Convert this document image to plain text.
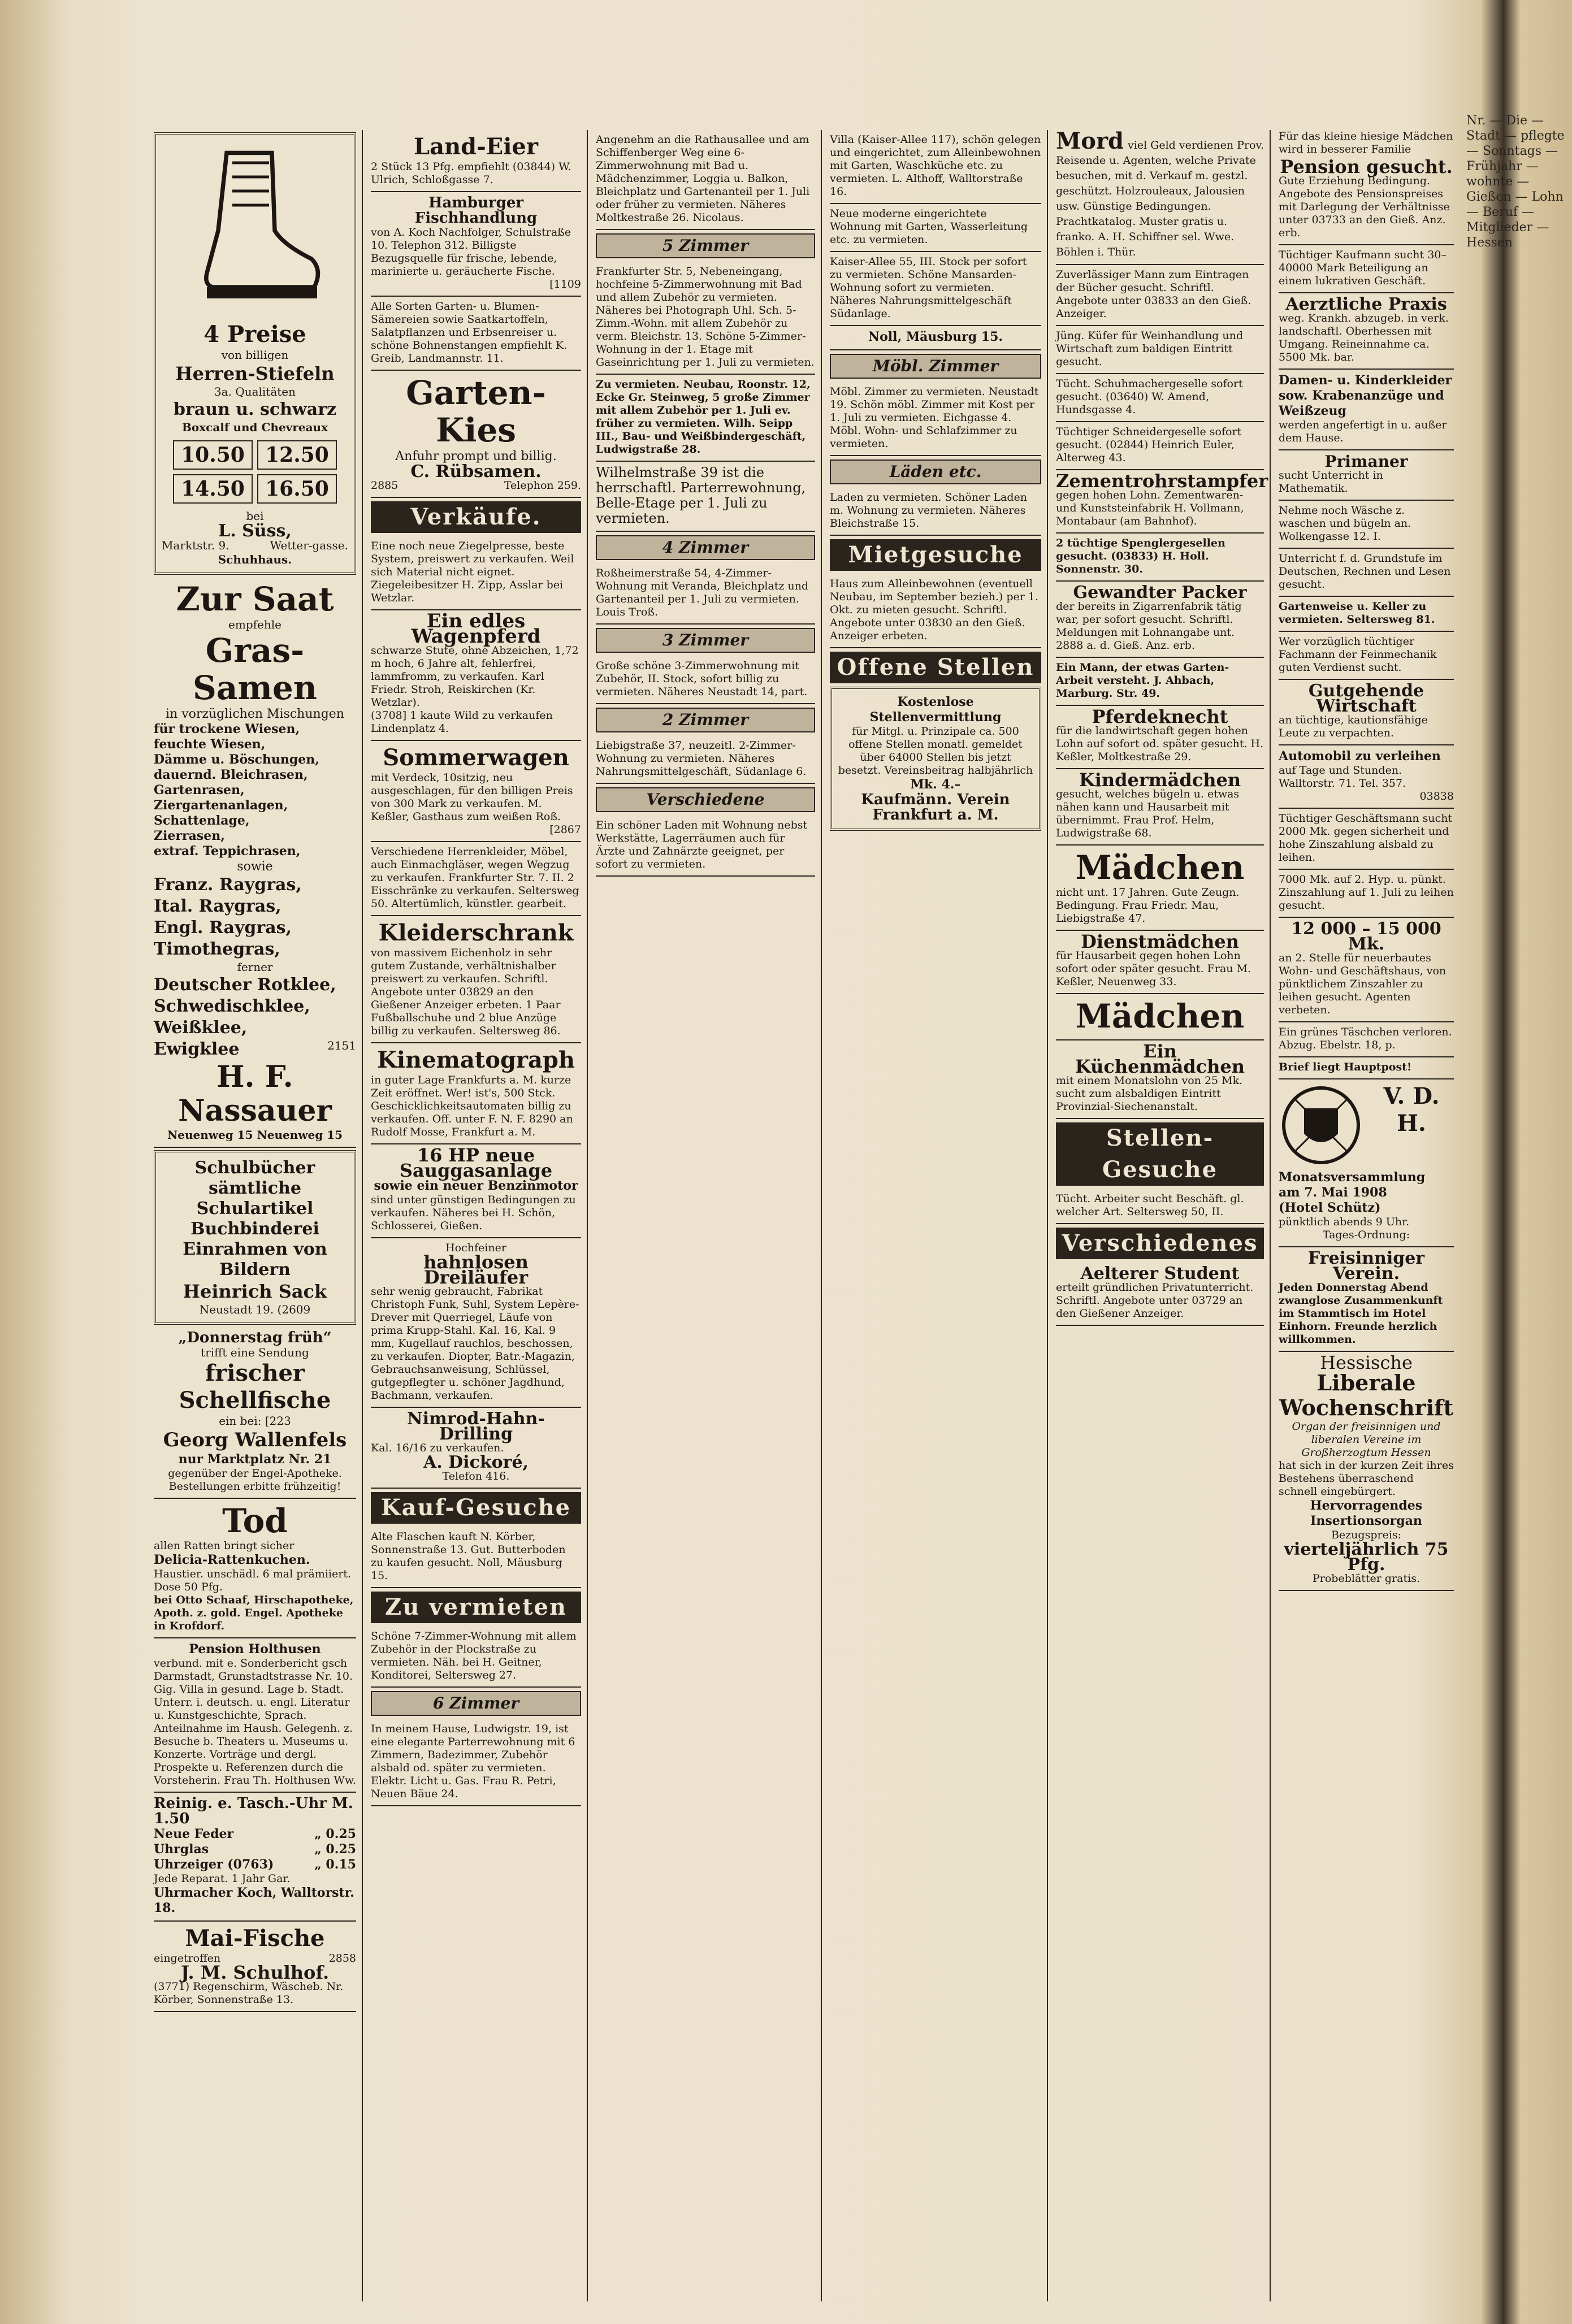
4 Preise
von billigen
Herren-Stiefeln
3a. Qualitäten
braun u. schwarz
Boxcalf und Chevreaux
10.50	12.50
14.50	16.50
bei
L. Süss,
Marktstr. 9.	Wetter-gasse.
Schuhhaus.
Zur Saat
empfehle
Gras-Samen
in vorzüglichen Mischungen
für trockene Wiesen,
feuchte Wiesen,
Dämme u. Böschungen,
dauernd. Bleichrasen,
Gartenrasen,
Ziergartenanlagen,
Schattenlage,
Zierrasen,
extraf. Teppichrasen,
sowie
Franz. Raygras,
Ital. Raygras,
Engl. Raygras,
Timothegras,
ferner
Deutscher Rotklee,
Schwedischklee,
Weißklee,
Ewigklee	2151
H. F. Nassauer
Neuenweg 15 Neuenweg 15
Schulbücher
sämtliche Schulartikel
Buchbinderei
Einrahmen von Bildern
Heinrich Sack
Neustadt 19. (2609
„Donnerstag früh“
trifft eine Sendung
frischer Schellfische
ein bei: [223
Georg Wallenfels
nur Marktplatz Nr. 21
gegenüber der Engel-Apotheke. Bestellungen erbitte frühzeitig!
Tod
allen Ratten bringt sicher
Delicia-Rattenkuchen.
Haustier. unschädl. 6 mal prämiiert. Dose 50 Pfg.
bei Otto Schaaf, Hirschapotheke, Apoth. z. gold. Engel. Apotheke in Krofdorf.
Pension Holthusen
verbund. mit e. Sonderbericht gsch Darmstadt, Grunstadtstrasse Nr. 10. Gig. Villa in gesund. Lage b. Stadt. Unterr. i. deutsch. u. engl. Literatur u. Kunstgeschichte, Sprach. Anteilnahme im Haush. Gelegenh. z. Besuche b. Theaters u. Museums u. Konzerte. Vorträge und dergl. Prospekte u. Referenzen durch die Vorsteherin. Frau Th. Holthusen Ww.
Reinig. e. Tasch.-Uhr M. 1.50
Neue Feder	„ 0.25
Uhrglas	„ 0.25
Uhrzeiger (0763)	„ 0.15
Jede Reparat. 1 Jahr Gar.
Uhrmacher Koch, Walltorstr. 18.
Mai-Fische
eingetroffen	2858
J. M. Schulhof.
(3771) Regenschirm, Wäscheb. Nr. Körber, Sonnenstraße 13.
Land-Eier
2 Stück 13 Pfg. empfiehlt (03844) W. Ulrich, Schloßgasse 7.
Hamburger Fischhandlung
von A. Koch Nachfolger, Schulstraße 10. Telephon 312. Billigste Bezugsquelle für frische, lebende, marinierte u. geräucherte Fische.
[1109
Alle Sorten Garten- u. Blumen-Sämereien sowie Saatkartoffeln, Salatpflanzen und Erbsenreiser u. schöne Bohnenstangen empfiehlt K. Greib, Landmannstr. 11.
Garten-Kies
Anfuhr prompt und billig.
C. Rübsamen.
2885	Telephon 259.
Verkäufe.
Eine noch neue Ziegelpresse, beste System, preiswert zu verkaufen. Weil sich Material nicht eignet. Ziegeleibesitzer H. Zipp, Asslar bei Wetzlar.
Ein edles Wagenpferd
schwarze Stute, ohne Abzeichen, 1,72 m hoch, 6 Jahre alt, fehlerfrei, lammfromm, zu verkaufen. Karl Friedr. Stroh, Reiskirchen (Kr. Wetzlar).
(3708] 1 kaute Wild zu verkaufen Lindenplatz 4.
Sommerwagen
mit Verdeck, 10sitzig, neu ausgeschlagen, für den billigen Preis von 300 Mark zu verkaufen. M. Keßler, Gasthaus zum weißen Roß.
[2867
Verschiedene Herrenkleider, Möbel, auch Einmachgläser, wegen Wegzug zu verkaufen. Frankfurter Str. 7. II. 2 Eisschränke zu verkaufen. Seltersweg 50. Altertümlich, künstler. gearbeit.
Kleiderschrank
von massivem Eichenholz in sehr gutem Zustande, verhältnishalber preiswert zu verkaufen. Schriftl. Angebote unter 03829 an den Gießener Anzeiger erbeten. 1 Paar Fußballschuhe und 2 blue Anzüge billig zu verkaufen. Seltersweg 86.
Kinematograph
in guter Lage Frankfurts a. M. kurze Zeit eröffnet. Wer! ist's, 500 Stck. Geschicklichkeitsautomaten billig zu verkaufen. Off. unter F. N. F. 8290 an Rudolf Mosse, Frankfurt a. M.
16 HP neue Sauggasanlage
sowie ein neuer Benzinmotor
sind unter günstigen Bedingungen zu verkaufen. Näheres bei H. Schön, Schlosserei, Gießen.
Hochfeiner
hahnlosen Dreiläufer
sehr wenig gebraucht, Fabrikat Christoph Funk, Suhl, System Lepère-Drever mit Querriegel, Läufe von prima Krupp-Stahl. Kal. 16, Kal. 9 mm, Kugellauf rauchlos, beschossen, zu verkaufen. Diopter, Batr.-Magazin, Gebrauchsanweisung, Schlüssel, gutgepflegter u. schöner Jagdhund, Bachmann, verkaufen.
Nimrod-Hahn-Drilling
Kal. 16/16 zu verkaufen.
A. Dickoré,
Telefon 416.
Kauf-Gesuche
Alte Flaschen kauft N. Körber, Sonnenstraße 13. Gut. Butterboden zu kaufen gesucht. Noll, Mäusburg 15.
Zu vermieten
Schöne 7-Zimmer-Wohnung mit allem Zubehör in der Plockstraße zu vermieten. Näh. bei H. Geitner, Konditorei, Seltersweg 27.
6 Zimmer
In meinem Hause, Ludwigstr. 19, ist eine elegante Parterrewohnung mit 6 Zimmern, Badezimmer, Zubehör alsbald od. später zu vermieten. Elektr. Licht u. Gas. Frau R. Petri, Neuen Bäue 24.
Angenehm an die Rathausallee und am Schiffenberger Weg eine 6-Zimmerwohnung mit Bad u. Mädchenzimmer, Loggia u. Balkon, Bleichplatz und Gartenanteil per 1. Juli oder früher zu vermieten. Näheres Moltkestraße 26. Nicolaus.
5 Zimmer
Frankfurter Str. 5, Nebeneingang, hochfeine 5-Zimmerwohnung mit Bad und allem Zubehör zu vermieten. Näheres bei Photograph Uhl. Sch. 5-Zimm.-Wohn. mit allem Zubehör zu verm. Bleichstr. 13. Schöne 5-Zimmer-Wohnung in der 1. Etage mit Gaseinrichtung per 1. Juli zu vermieten.
Zu vermieten. Neubau, Roonstr. 12, Ecke Gr. Steinweg, 5 große Zimmer mit allem Zubehör per 1. Juli ev. früher zu vermieten. Wilh. Seipp III., Bau- und Weißbindergeschäft, Ludwigstraße 28.
Wilhelmstraße 39 ist die herrschaftl. Parterrewohnung, Belle-Etage per 1. Juli zu vermieten.
4 Zimmer
Roßheimerstraße 54, 4-Zimmer-Wohnung mit Veranda, Bleichplatz und Gartenanteil per 1. Juli zu vermieten. Louis Troß.
3 Zimmer
Große schöne 3-Zimmerwohnung mit Zubehör, II. Stock, sofort billig zu vermieten. Näheres Neustadt 14, part.
2 Zimmer
Liebigstraße 37, neuzeitl. 2-Zimmer-Wohnung zu vermieten. Näheres Nahrungsmittelgeschäft, Südanlage 6.
Verschiedene
Ein schöner Laden mit Wohnung nebst Werkstätte, Lagerräumen auch für Ärzte und Zahnärzte geeignet, per sofort zu vermieten.
Villa (Kaiser-Allee 117), schön gelegen und eingerichtet, zum Alleinbewohnen mit Garten, Waschküche etc. zu vermieten. L. Althoff, Walltorstraße 16.
Neue moderne eingerichtete Wohnung mit Garten, Wasserleitung etc. zu vermieten.
Kaiser-Allee 55, III. Stock per sofort zu vermieten. Schöne Mansarden-Wohnung sofort zu vermieten. Näheres Nahrungsmittelgeschäft Südanlage.
Noll, Mäusburg 15.
Möbl. Zimmer
Möbl. Zimmer zu vermieten. Neustadt 19. Schön möbl. Zimmer mit Kost per 1. Juli zu vermieten. Eichgasse 4. Möbl. Wohn- und Schlafzimmer zu vermieten.
Läden etc.
Laden zu vermieten. Schöner Laden m. Wohnung zu vermieten. Näheres Bleichstraße 15.
Mietgesuche
Haus zum Alleinbewohnen (eventuell Neubau, im September bezieh.) per 1. Okt. zu mieten gesucht. Schriftl. Angebote unter 03830 an den Gieß. Anzeiger erbeten.
Offene Stellen
Kostenlose Stellenvermittlung
für Mitgl. u. Prinzipale ca. 500 offene Stellen monatl. gemeldet über 64000 Stellen bis jetzt besetzt. Vereinsbeitrag halbjährlich
Mk. 4.–
Kaufmänn. Verein
Frankfurt a. M.
Mord viel Geld verdienen Prov. Reisende u. Agenten, welche Private besuchen, mit d. Verkauf m. gestzl. geschützt. Holzrouleaux, Jalousien usw. Günstige Bedingungen. Prachtkatalog. Muster gratis u. franko. A. H. Schiffner sel. Wwe. Böhlen i. Thür.
Zuverlässiger Mann zum Eintragen der Bücher gesucht. Schriftl. Angebote unter 03833 an den Gieß. Anzeiger.
Jüng. Küfer für Weinhandlung und Wirtschaft zum baldigen Eintritt gesucht.
Tücht. Schuhmachergeselle sofort gesucht. (03640) W. Amend, Hundsgasse 4.
Tüchtiger Schneidergeselle sofort gesucht. (02844) Heinrich Euler, Alterweg 43.
Zementrohrstampfer
gegen hohen Lohn. Zementwaren- und Kunststeinfabrik H. Vollmann, Montabaur (am Bahnhof).
2 tüchtige Spenglergesellen gesucht. (03833) H. Holl. Sonnenstr. 30.
Gewandter Packer
der bereits in Zigarrenfabrik tätig war, per sofort gesucht. Schriftl. Meldungen mit Lohnangabe unt. 2888 a. d. Gieß. Anz. erb.
Ein Mann, der etwas Garten-Arbeit versteht. J. Ahbach, Marburg. Str. 49.
Pferdeknecht
für die landwirtschaft gegen hohen Lohn auf sofort od. später gesucht. H. Keßler, Moltkestraße 29.
Kindermädchen
gesucht, welches bügeln u. etwas nähen kann und Hausarbeit mit übernimmt. Frau Prof. Helm, Ludwigstraße 68.
Mädchen
nicht unt. 17 Jahren. Gute Zeugn. Bedingung. Frau Friedr. Mau, Liebigstraße 47.
Dienstmädchen
für Hausarbeit gegen hohen Lohn sofort oder später gesucht. Frau M. Keßler, Neuenweg 33.
Mädchen
Ein Küchenmädchen
mit einem Monatslohn von 25 Mk. sucht zum alsbaldigen Eintritt Provinzial-Siechenanstalt.
Stellen-Gesuche
Tücht. Arbeiter sucht Beschäft. gl. welcher Art. Seltersweg 50, II.
Verschiedenes
Aelterer Student
erteilt gründlichen Privatunterricht. Schriftl. Angebote unter 03729 an den Gießener Anzeiger.
Für das kleine hiesige Mädchen wird in besserer Familie
Pension gesucht.
Gute Erziehung Bedingung. Angebote des Pensionspreises mit Darlegung der Verhältnisse unter 03733 an den Gieß. Anz. erb.
Tüchtiger Kaufmann sucht 30–40000 Mark Beteiligung an einem lukrativen Geschäft.
Aerztliche Praxis
weg. Krankh. abzugeb. in verk. landschaftl. Oberhessen mit Umgang. Reineinnahme ca. 5500 Mk. bar.
Damen- u. Kinderkleider sow. Krabenanzüge und Weißzeug
werden angefertigt in u. außer dem Hause.
Primaner
sucht Unterricht in Mathematik.
Nehme noch Wäsche z. waschen und bügeln an. Wolkengasse 12. I.
Unterricht f. d. Grundstufe im Deutschen, Rechnen und Lesen gesucht.
Gartenweise u. Keller zu vermieten. Seltersweg 81.
Wer vorzüglich tüchtiger Fachmann der Feinmechanik guten Verdienst sucht.
Gutgehende Wirtschaft
an tüchtige, kautionsfähige Leute zu verpachten.
Automobil zu verleihen
auf Tage und Stunden. Walltorstr. 71. Tel. 357.
03838
Tüchtiger Geschäftsmann sucht 2000 Mk. gegen sicherheit und hohe Zinszahlung alsbald zu leihen.
7000 Mk. auf 2. Hyp. u. pünkt. Zinszahlung auf 1. Juli zu leihen gesucht.
12 000 – 15 000 Mk.
an 2. Stelle für neuerbautes Wohn- und Geschäftshaus, von pünktlichem Zinszahler zu leihen gesucht. Agenten verbeten.
Ein grünes Täschchen verloren. Abzug. Ebelstr. 18, p.
Brief liegt Hauptpost!
V. D. H.
Monatsversammlung
am 7. Mai 1908
(Hotel Schütz)
pünktlich abends 9 Uhr.
Tages-Ordnung:
Freisinniger Verein.
Jeden Donnerstag Abend zwanglose Zusammenkunft im Stammtisch im Hotel Einhorn. Freunde herzlich willkommen.
Hessische
Liberale Wochenschrift
Organ der freisinnigen und liberalen Vereine im Großherzogtum Hessen
hat sich in der kurzen Zeit ihres Bestehens überraschend schnell eingebürgert.
Hervorragendes Insertionsorgan
Bezugspreis:
vierteljährlich 75 Pfg.
Probeblätter gratis.
Nr. — Die — Stadt — pflegte — Sonntags — Frühjahr — wohnte — Gießen — Lohn — Beruf — Mitglieder — Hessen
